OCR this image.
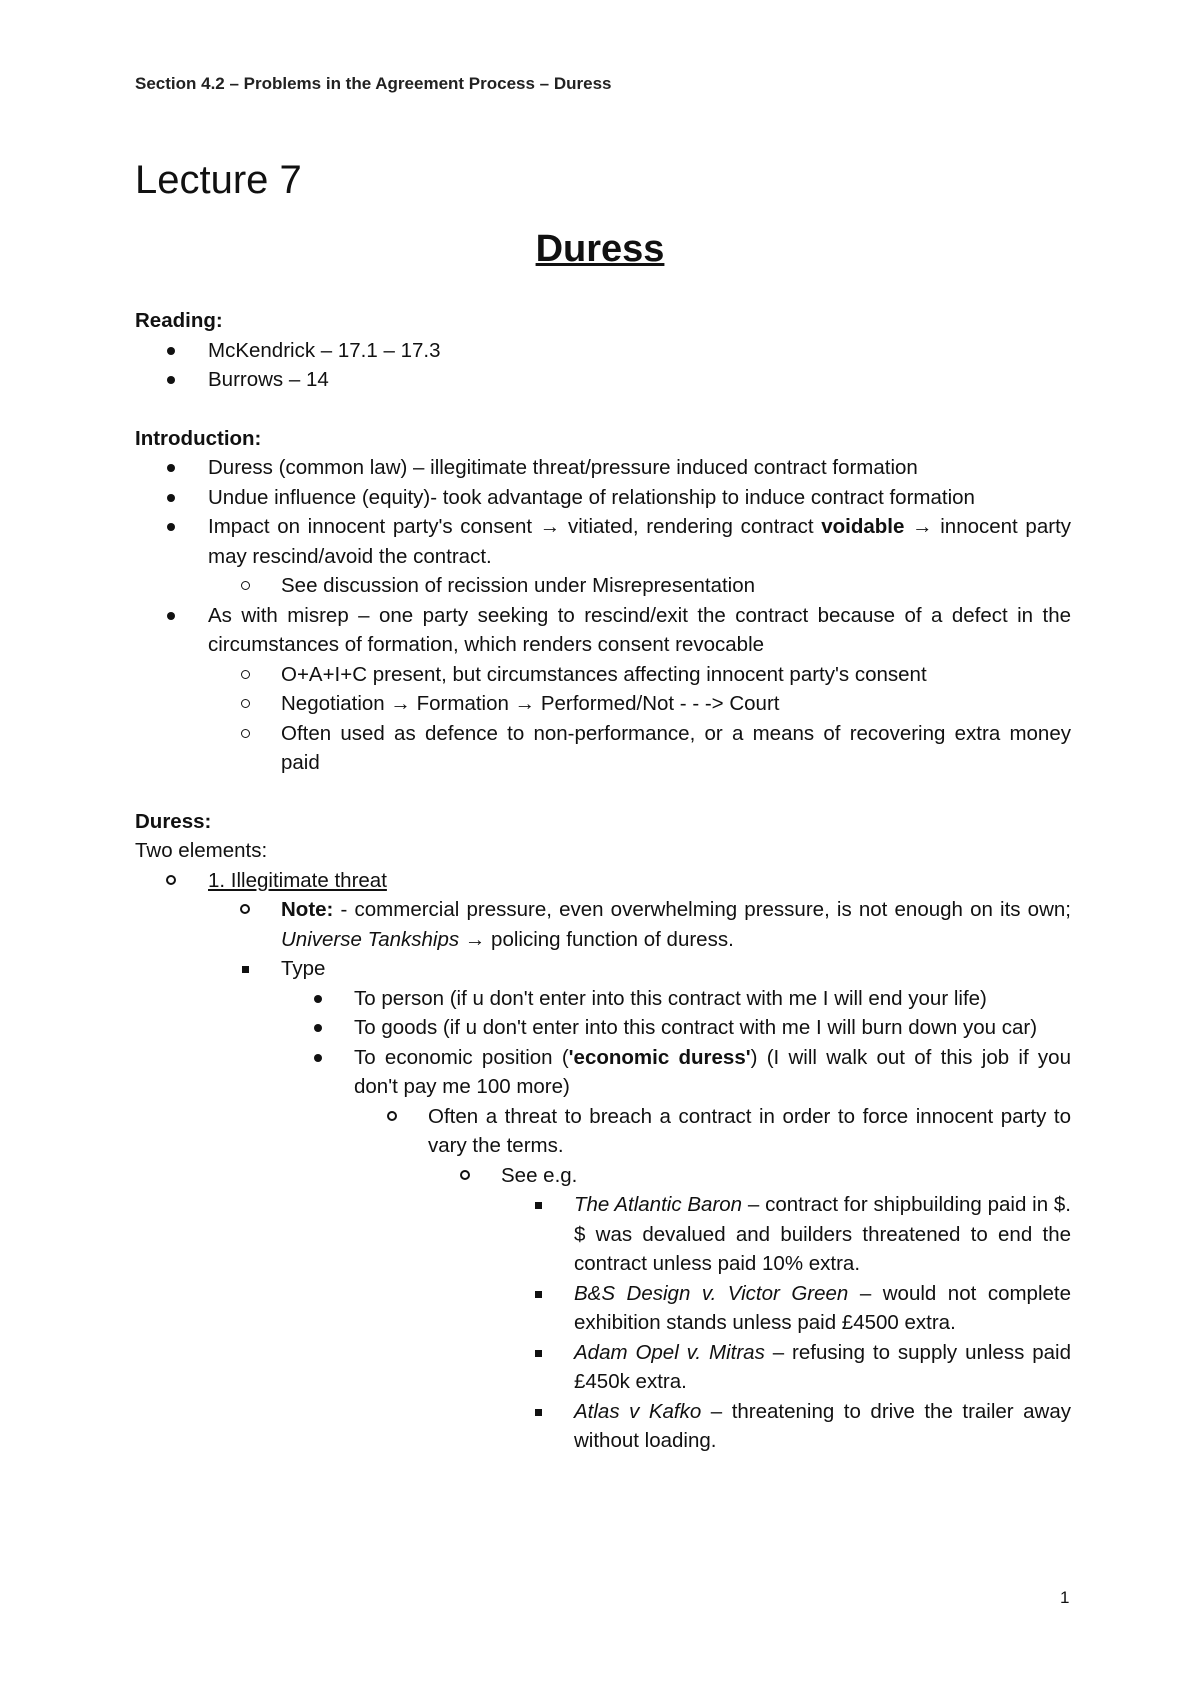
Section 4.2 – Problems in the Agreement Process – Duress
Lecture 7
Duress
Reading:
McKendrick – 17.1 – 17.3
Burrows – 14
Introduction:
Duress (common law) – illegitimate threat/pressure induced contract formation
Undue influence (equity)- took advantage of relationship to induce contract formation
Impact on innocent party's consent → vitiated, rendering contract voidable → innocent party may rescind/avoid the contract.
See discussion of recission under Misrepresentation
As with misrep – one party seeking to rescind/exit the contract because of a defect in the circumstances of formation, which renders consent revocable
O+A+I+C present, but circumstances affecting innocent party's consent
Negotiation → Formation → Performed/Not - - -> Court
Often used as defence to non-performance, or a means of recovering extra money paid
Duress:
Two elements:
1. Illegitimate threat
Note: - commercial pressure, even overwhelming pressure, is not enough on its own; Universe Tankships → policing function of duress.
Type
To person (if u don't enter into this contract with me I will end your life)
To goods (if u don't enter into this contract with me I will burn down you car)
To economic position ('economic duress') (I will walk out of this job if you don't pay me 100 more)
Often a threat to breach a contract in order to force innocent party to vary the terms.
See e.g.
The Atlantic Baron – contract for shipbuilding paid in $. $ was devalued and builders threatened to end the contract unless paid 10% extra.
B&S Design v. Victor Green – would not complete exhibition stands unless paid £4500 extra.
Adam Opel v. Mitras – refusing to supply unless paid £450k extra.
Atlas v Kafko – threatening to drive the trailer away without loading.
1
